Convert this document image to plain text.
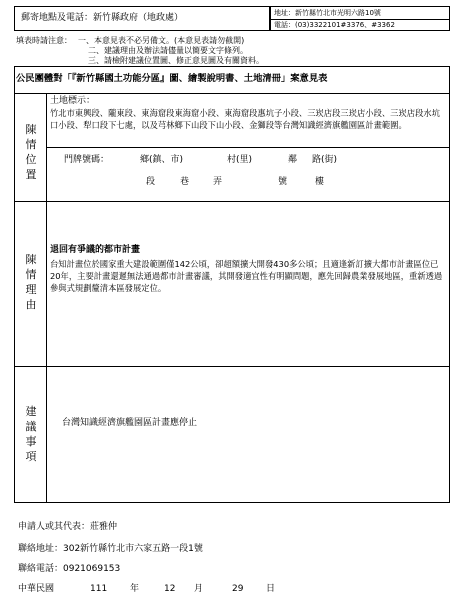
郵寄地點及電話：新竹縣政府（地政處）	地址：新竹縣竹北市光明六路10號
電話：(03)3322101#3376、#3362
填表時請注意： 一、本意見表不必另備文。(本意見表請勿截開)
二、建議理由及辦法請儘量以簡要文字條列。
三、請檢附建議位置圖、修正意見圖及有關資料。
公民團體對「『新竹縣國土功能分區』圖、繪製說明書、土地清冊」案意見表
陳情位置
土地標示：
竹北市東興段、隴東段、東海窟段東海窟小段、東海窟段惠坑子小段、三崁店段三崁店小段、三崁店段水坑口小段、犁口段下七處，以及芎林鄉下山段下山小段、金獅段等台灣知識經濟旗艦園區計畫範圍。
門牌號碼：	鄉(鎮、市)	村(里)	鄰 路(街)
段	巷	弄	號	樓
陳情理由
退回有爭議的都市計畫
台知計畫位於國家重大建設範圍僅142公頃，卻超額擴大開發430多公頃；且適逢新訂擴大都市計畫區位已20年，主要計畫還遲無法通過都市計畫審議，其開發適宜性有明顯問題，應先回歸農業發展地區，重新透過參與式規劃釐清本區發展定位。
建議事項
台灣知識經濟旗艦園區計畫應停止
申請人或其代表：莊雅仲
聯絡地址：302新竹縣竹北市六家五路一段1號
聯絡電話：0921069153
中華民國	111	年	12 月	29	日
